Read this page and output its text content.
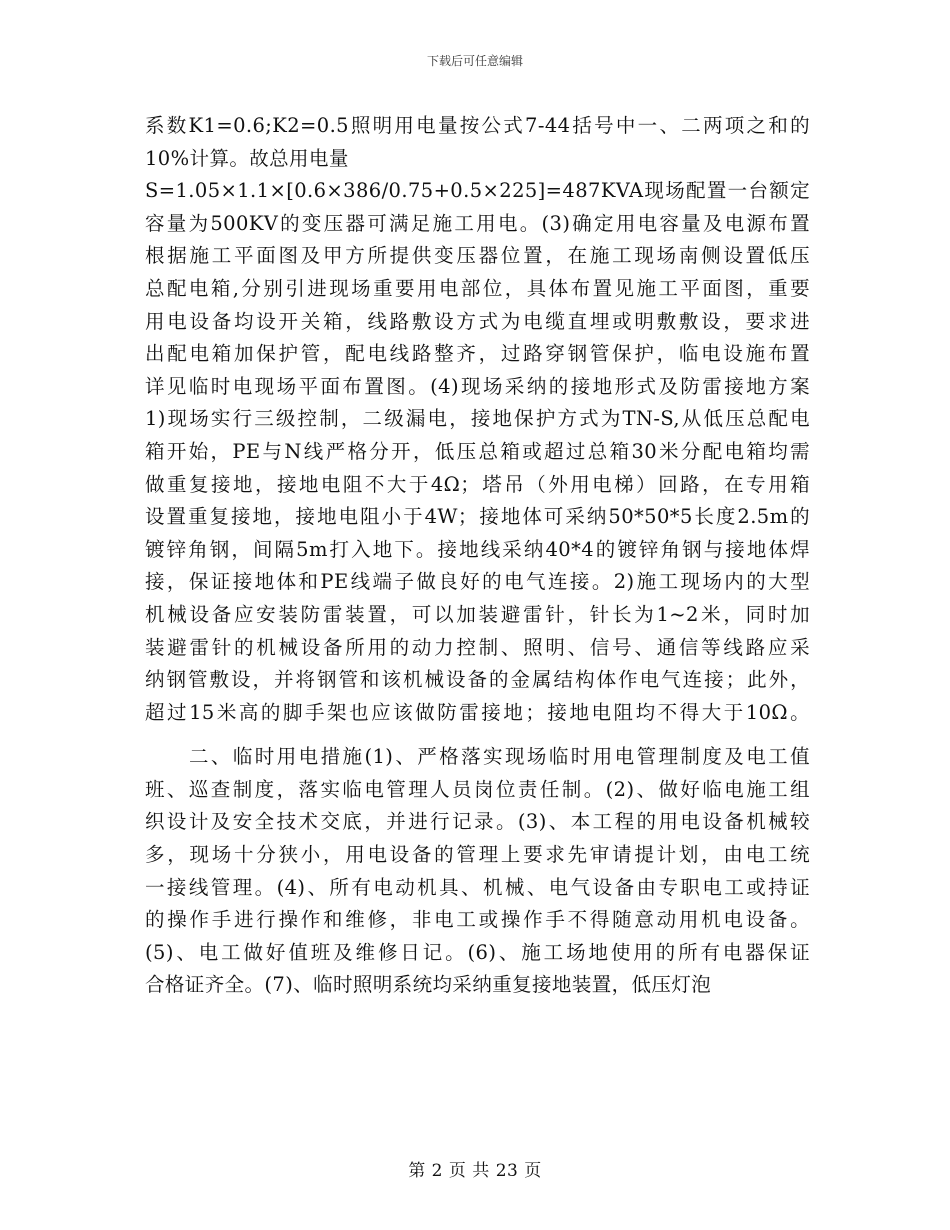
下载后可任意编辑
系数K1=0.6;K2=0.5照明用电量按公式7-44括号中一、二两项之和的
10%计算。故总用电量
S=1.05×1.1×[0.6×386/0.75+0.5×225]=487KVA现场配置一台额定
容量为500KV的变压器可满足施工用电。(3)确定用电容量及电源布置
根据施工平面图及甲方所提供变压器位置，在施工现场南侧设置低压
总配电箱,分别引进现场重要用电部位，具体布置见施工平面图，重要
用电设备均设开关箱，线路敷设方式为电缆直埋或明敷敷设，要求进
出配电箱加保护管，配电线路整齐，过路穿钢管保护，临电设施布置
详见临时电现场平面布置图。(4)现场采纳的接地形式及防雷接地方案
1)现场实行三级控制，二级漏电，接地保护方式为TN-S,从低压总配电
箱开始，PE与N线严格分开，低压总箱或超过总箱30米分配电箱均需
做重复接地，接地电阻不大于4Ω；塔吊（外用电梯）回路，在专用箱
设置重复接地，接地电阻小于4W；接地体可采纳50*50*5长度2.5m的
镀锌角钢，间隔5m打入地下。接地线采纳40*4的镀锌角钢与接地体焊
接，保证接地体和PE线端子做良好的电气连接。2)施工现场内的大型
机械设备应安装防雷装置，可以加装避雷针，针长为1~2米，同时加
装避雷针的机械设备所用的动力控制、照明、信号、通信等线路应采
纳钢管敷设，并将钢管和该机械设备的金属结构体作电气连接；此外，
超过15米高的脚手架也应该做防雷接地；接地电阻均不得大于10Ω。
二、临时用电措施(1)、严格落实现场临时用电管理制度及电工值
班、巡查制度，落实临电管理人员岗位责任制。(2)、做好临电施工组
织设计及安全技术交底，并进行记录。(3)、本工程的用电设备机械较
多，现场十分狭小，用电设备的管理上要求先审请提计划，由电工统
一接线管理。(4)、所有电动机具、机械、电气设备由专职电工或持证
的操作手进行操作和维修，非电工或操作手不得随意动用机电设备。
(5)、电工做好值班及维修日记。(6)、施工场地使用的所有电器保证
合格证齐全。(7)、临时照明系统均采纳重复接地装置，低压灯泡
第 2 页 共 23 页
